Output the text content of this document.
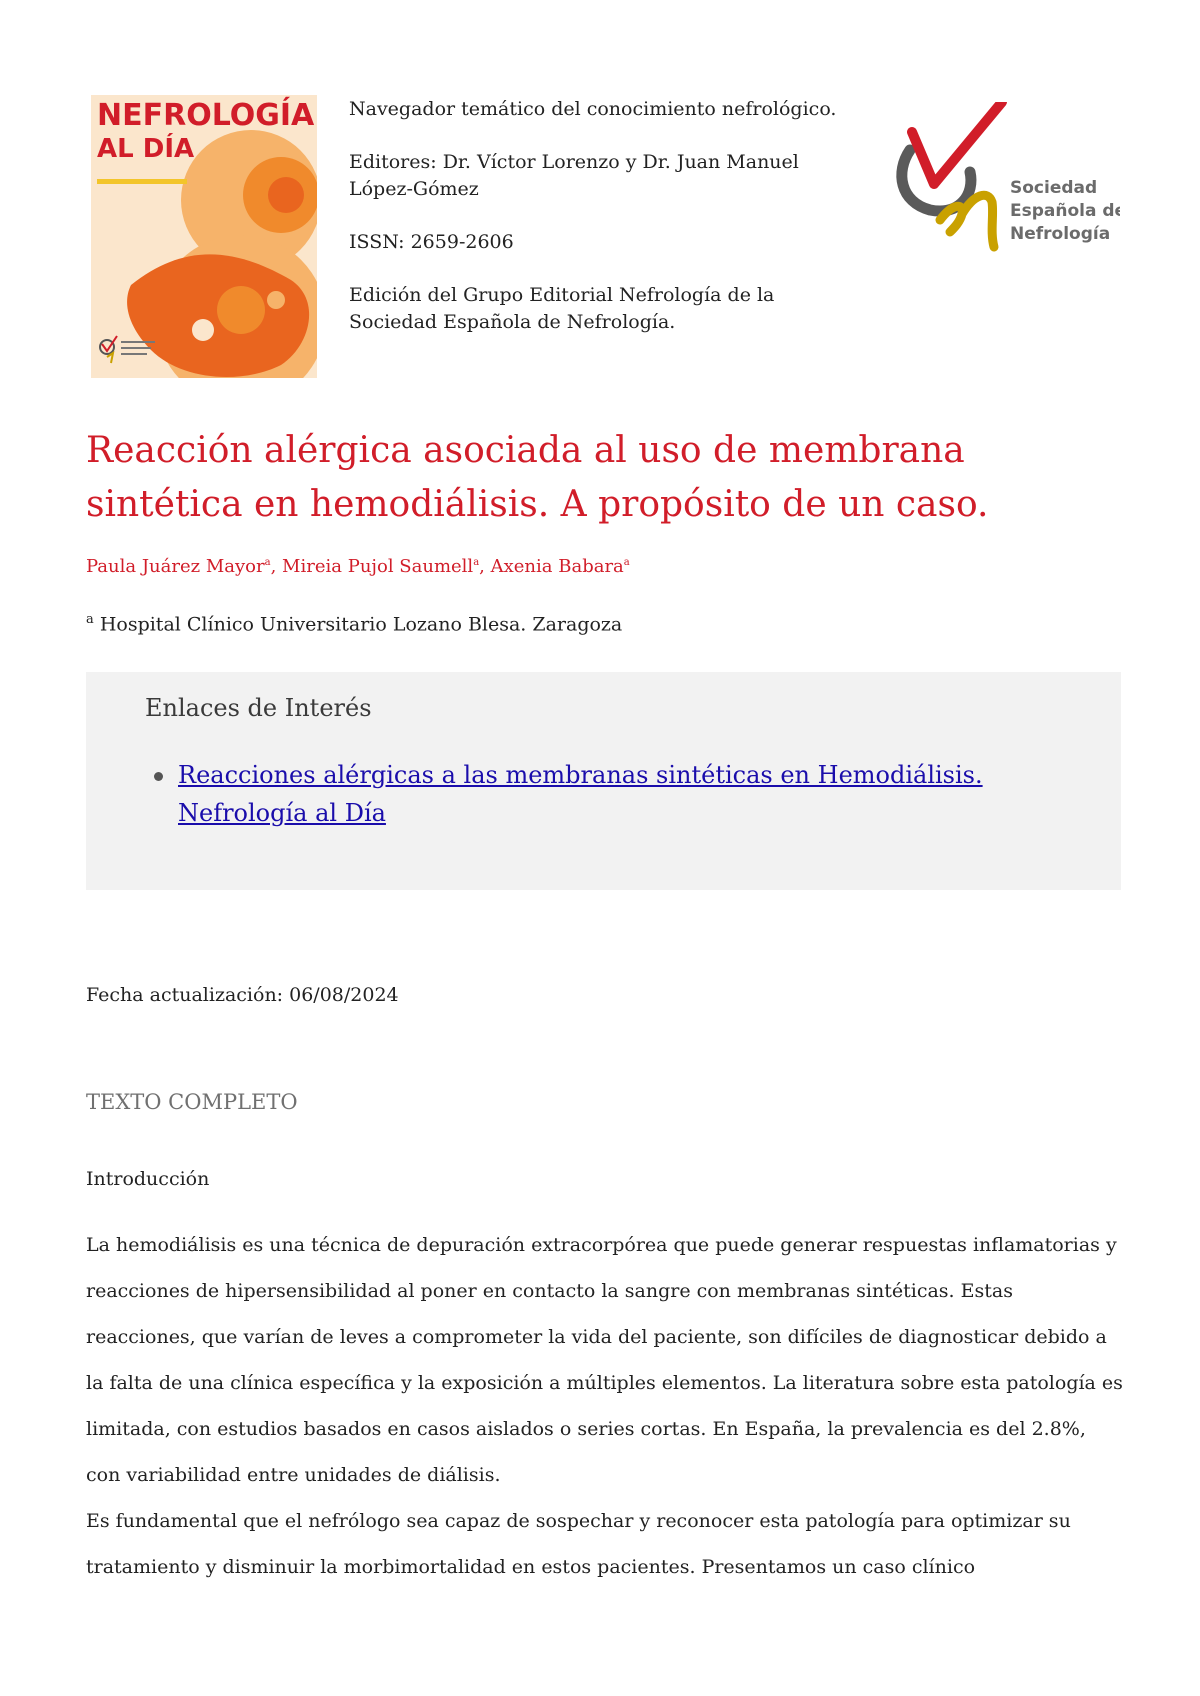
NEFROLOGÍA
AL DÍA

Navegador temático del conocimiento nefrológico.

Editores: Dr. Víctor Lorenzo y Dr. Juan Manuel López-Gómez

ISSN: 2659-2606

Edición del Grupo Editorial Nefrología de la Sociedad Española de Nefrología.

Sociedad
Española de
Nefrología
Reacción alérgica asociada al uso de membrana sintética en hemodiálisis. A propósito de un caso.
Paula Juárez Mayor$^a$, Mireia Pujol Saumell$^a$, Axenia Babara$^a$
$^a$ Hospital Clínico Universitario Lozano Blesa. Zaragoza
Enlaces de Interés
Reacciones alérgicas a las membranas sintéticas en Hemodiálisis. Nefrología al Día
Fecha actualización: 06/08/2024
TEXTO COMPLETO
Introducción

La hemodiálisis es una técnica de depuración extracorpórea que puede generar respuestas inflamatorias y reacciones de hipersensibilidad al poner en contacto la sangre con membranas sintéticas. Estas reacciones, que varían de leves a comprometer la vida del paciente, son difíciles de diagnosticar debido a la falta de una clínica específica y la exposición a múltiples elementos. La literatura sobre esta patología es limitada, con estudios basados en casos aislados o series cortas. En España, la prevalencia es del 2.8%, con variabilidad entre unidades de diálisis.

Es fundamental que el nefrólogo sea capaz de sospechar y reconocer esta patología para optimizar su tratamiento y disminuir la morbimortalidad en estos pacientes. Presentamos un caso clínico
